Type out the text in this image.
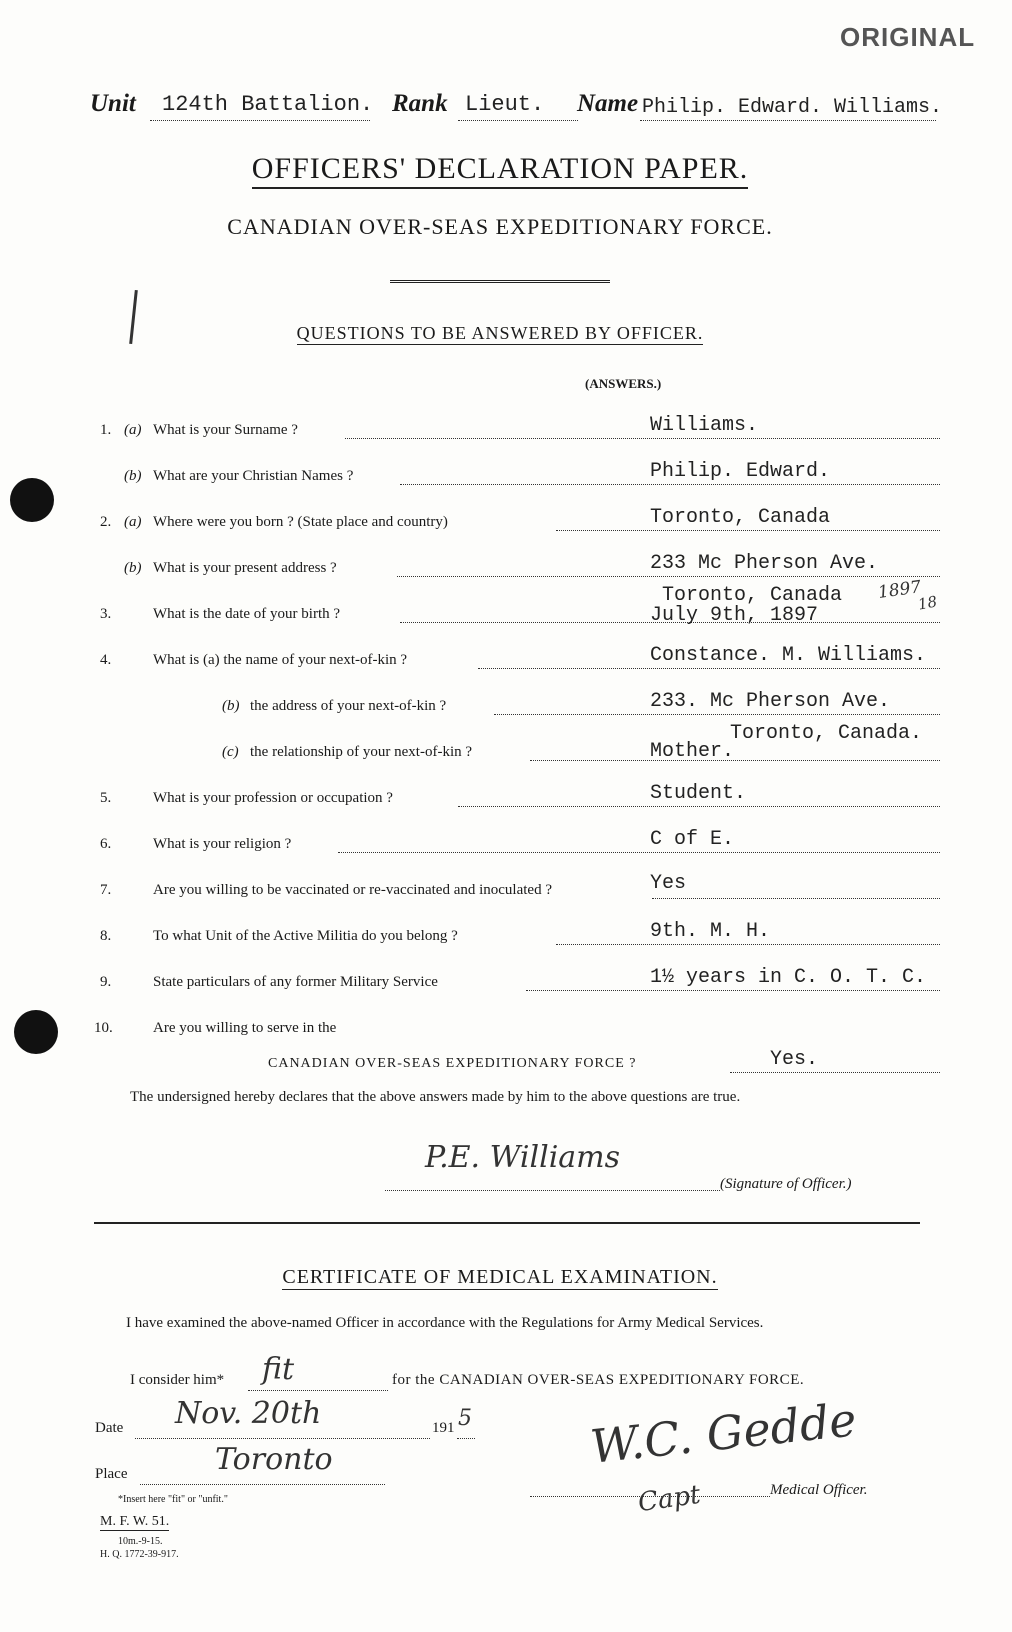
ORIGINAL
Unit 124th Battalion. Rank Lieut. Name Philip. Edward. Williams.
OFFICERS' DECLARATION PAPER.
CANADIAN OVER-SEAS EXPEDITIONARY FORCE.
QUESTIONS TO BE ANSWERED BY OFFICER.
(ANSWERS.)
1. (a) What is your Surname ?	Williams.
(b) What are your Christian Names ?	Philip. Edward.
2. (a) Where were you born ? (State place and country)	Toronto, Canada
(b) What is your present address ?	233 Mc Pherson Ave.
Toronto, Canada 1897
18
3.	What is the date of your birth ?	July 9th, 1897
4.	What is (a) the name of your next-of-kin ?	Constance. M. Williams.
(b) the address of your next-of-kin ?	233. Mc Pherson Ave.
Toronto, Canada.
(c) the relationship of your next-of-kin ?	Mother.
5.	What is your profession or occupation ?	Student.
6.	What is your religion ?	C of E.
7.	Are you willing to be vaccinated or re-vaccinated and inoculated ?	Yes
8.	To what Unit of the Active Militia do you belong ?	9th. M. H.
9.	State particulars of any former Military Service	1½ years in C. O. T. C.
10.	Are you willing to serve in the
CANADIAN OVER-SEAS EXPEDITIONARY FORCE ?	Yes.
The undersigned hereby declares that the above answers made by him to the above questions are true.
P.E. Williams
(Signature of Officer.)
CERTIFICATE OF MEDICAL EXAMINATION.
I have examined the above-named Officer in accordance with the Regulations for Army Medical Services.
I consider him* fit	for the CANADIAN OVER-SEAS EXPEDITIONARY FORCE.
Date Nov. 20th	191 5
Place	Toronto
*Insert here "fit" or "unfit."
W.C. Gedde
Capt	Medical Officer.
M. F. W. 51.
10m.-9-15.
H. Q. 1772-39-917.
